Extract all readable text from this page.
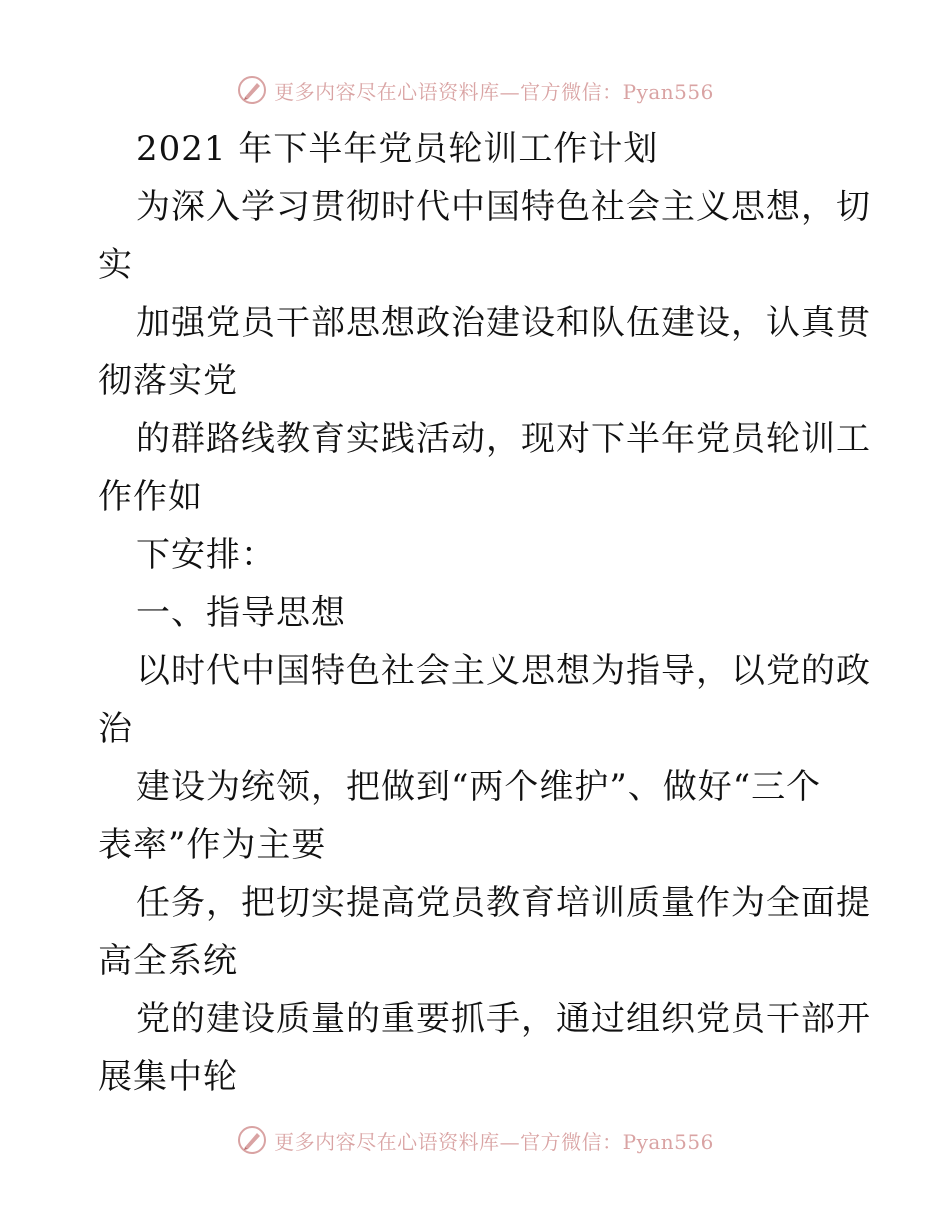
更多内容尽在心语资料库—官方微信：Pyan556
2021 年下半年党员轮训工作计划
为深入学习贯彻时代中国特色社会主义思想，切
实
加强党员干部思想政治建设和队伍建设，认真贯
彻落实党
的群路线教育实践活动，现对下半年党员轮训工
作作如
下安排：
一、指导思想
以时代中国特色社会主义思想为指导，以党的政
治
建设为统领，把做到“两个维护”、做好“三个
表率”作为主要
任务，把切实提高党员教育培训质量作为全面提
高全系统
党的建设质量的重要抓手，通过组织党员干部开
展集中轮
更多内容尽在心语资料库—官方微信：Pyan556
